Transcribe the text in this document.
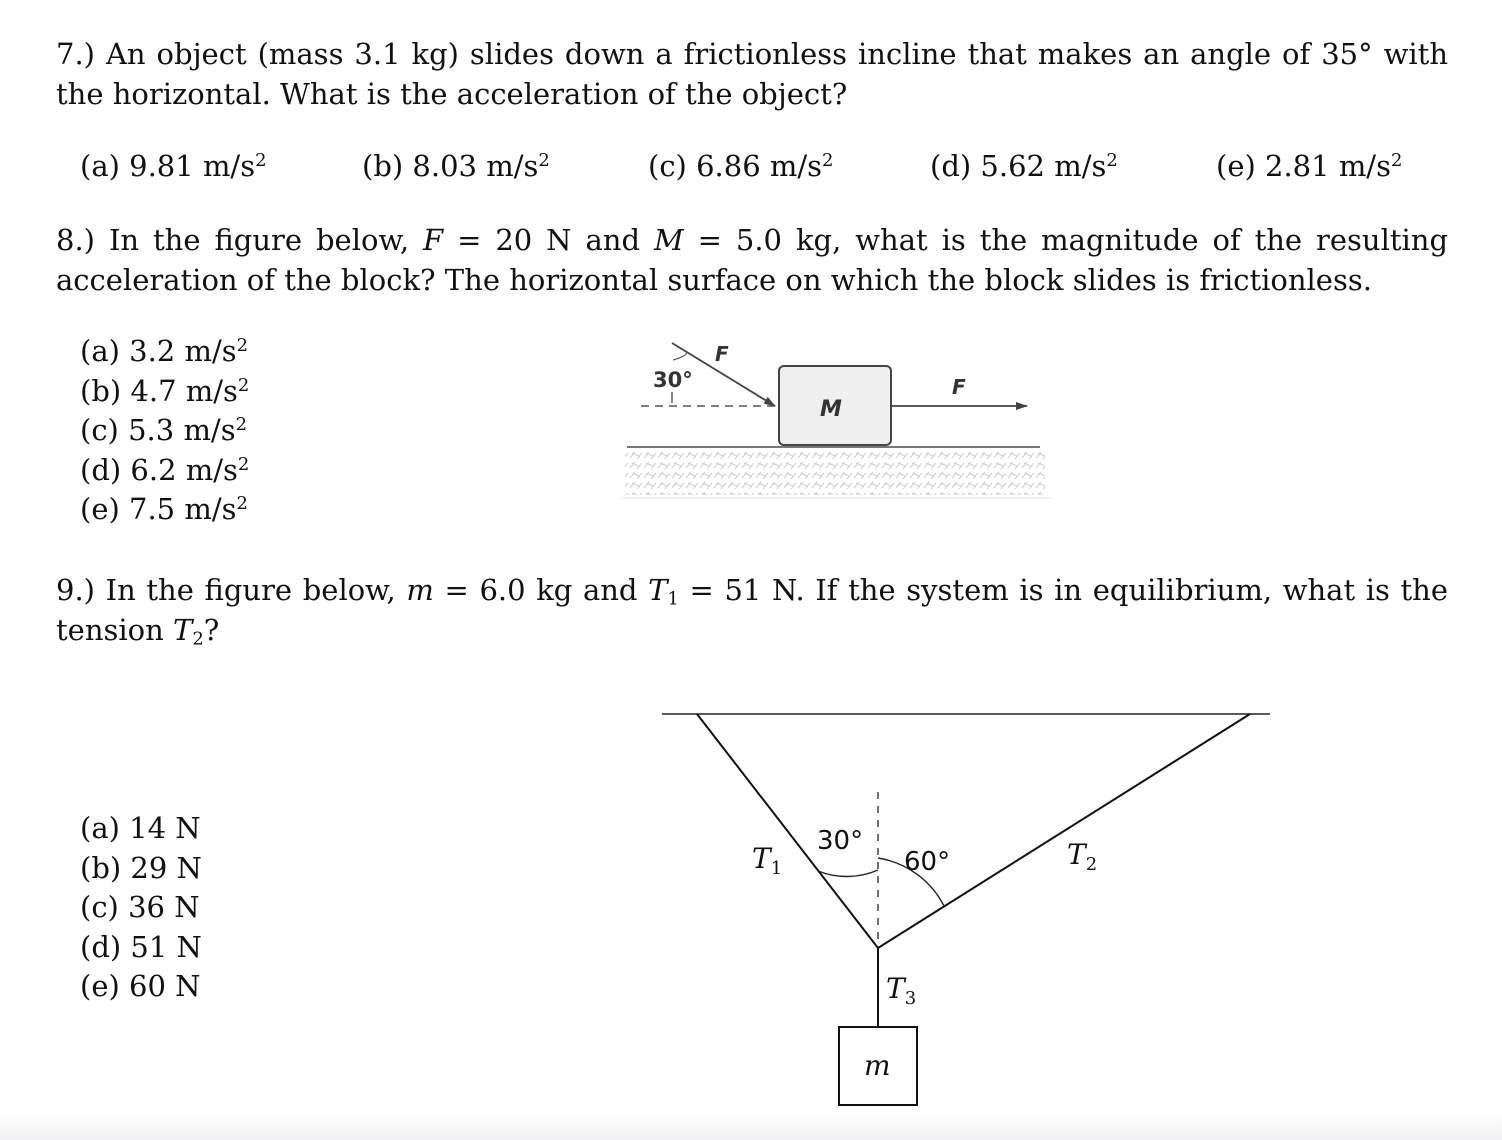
7.) An object (mass 3.1 kg) slides down a frictionless incline that makes an angle of 35° with the horizontal. What is the acceleration of the object?
(a) 9.81 $m/s^2$	(b) 8.03 $m/s^2$	(c) 6.86 $m/s^2$	(d) 5.62 $m/s^2$	(e) 2.81 $m/s^2$
8.) In the figure below, F = 20 N and M = 5.0 kg, what is the magnitude of the resulting acceleration of the block? The horizontal surface on which the block slides is frictionless.
(a) 3.2 $m/s^2$
(b) 4.7 $m/s^2$
(c) 5.3 $m/s^2$
(d) 6.2 $m/s^2$
(e) 7.5 $m/s^2$
30°
F
M
F
9.) In the figure below, m = 6.0 kg and $T_1 = 51$ N. If the system is in equilibrium, what is the tension $T_2$?
(a) 14 N
(b) 29 N
(c) 36 N
(d) 51 N
(e) 60 N
$T_1$	$T_2$
$T_3$
30°
60°
m
